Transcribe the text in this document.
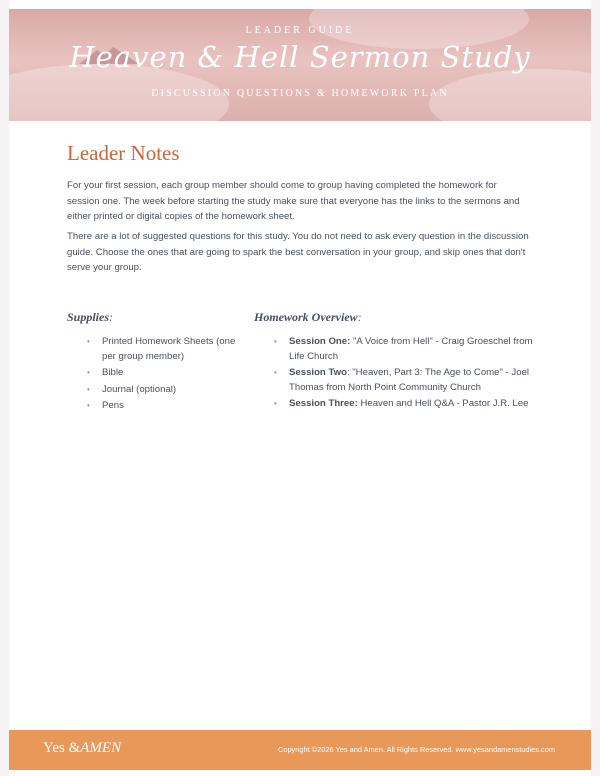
LEADER GUIDE
Heaven & Hell Sermon Study
DISCUSSION QUESTIONS & HOMEWORK PLAN
Leader Notes

For your first session, each group member should come to group having completed the homework for session one. The week before starting the study make sure that everyone has the links to the sermons and either printed or digital copies of the homework sheet.

There are a lot of suggested questions for this study. You do not need to ask every question in the discussion guide. Choose the ones that are going to spark the best conversation in your group, and skip ones that don't serve your group.

Supplies:

• Printed Homework Sheets (one per group member)
• Bible
• Journal (optional)
• Pens

Homework Overview:

• Session One: "A Voice from Hell" - Craig Groeschel from Life Church
• Session Two: "Heaven, Part 3: The Age to Come" - Joel Thomas from North Point Community Church
• Session Three: Heaven and Hell Q&A - Pastor J.R. Lee
Yes &AMEN	Copyright ©2026 Yes and Amen. All Rights Reserved. www.yesandamenstudies.com
